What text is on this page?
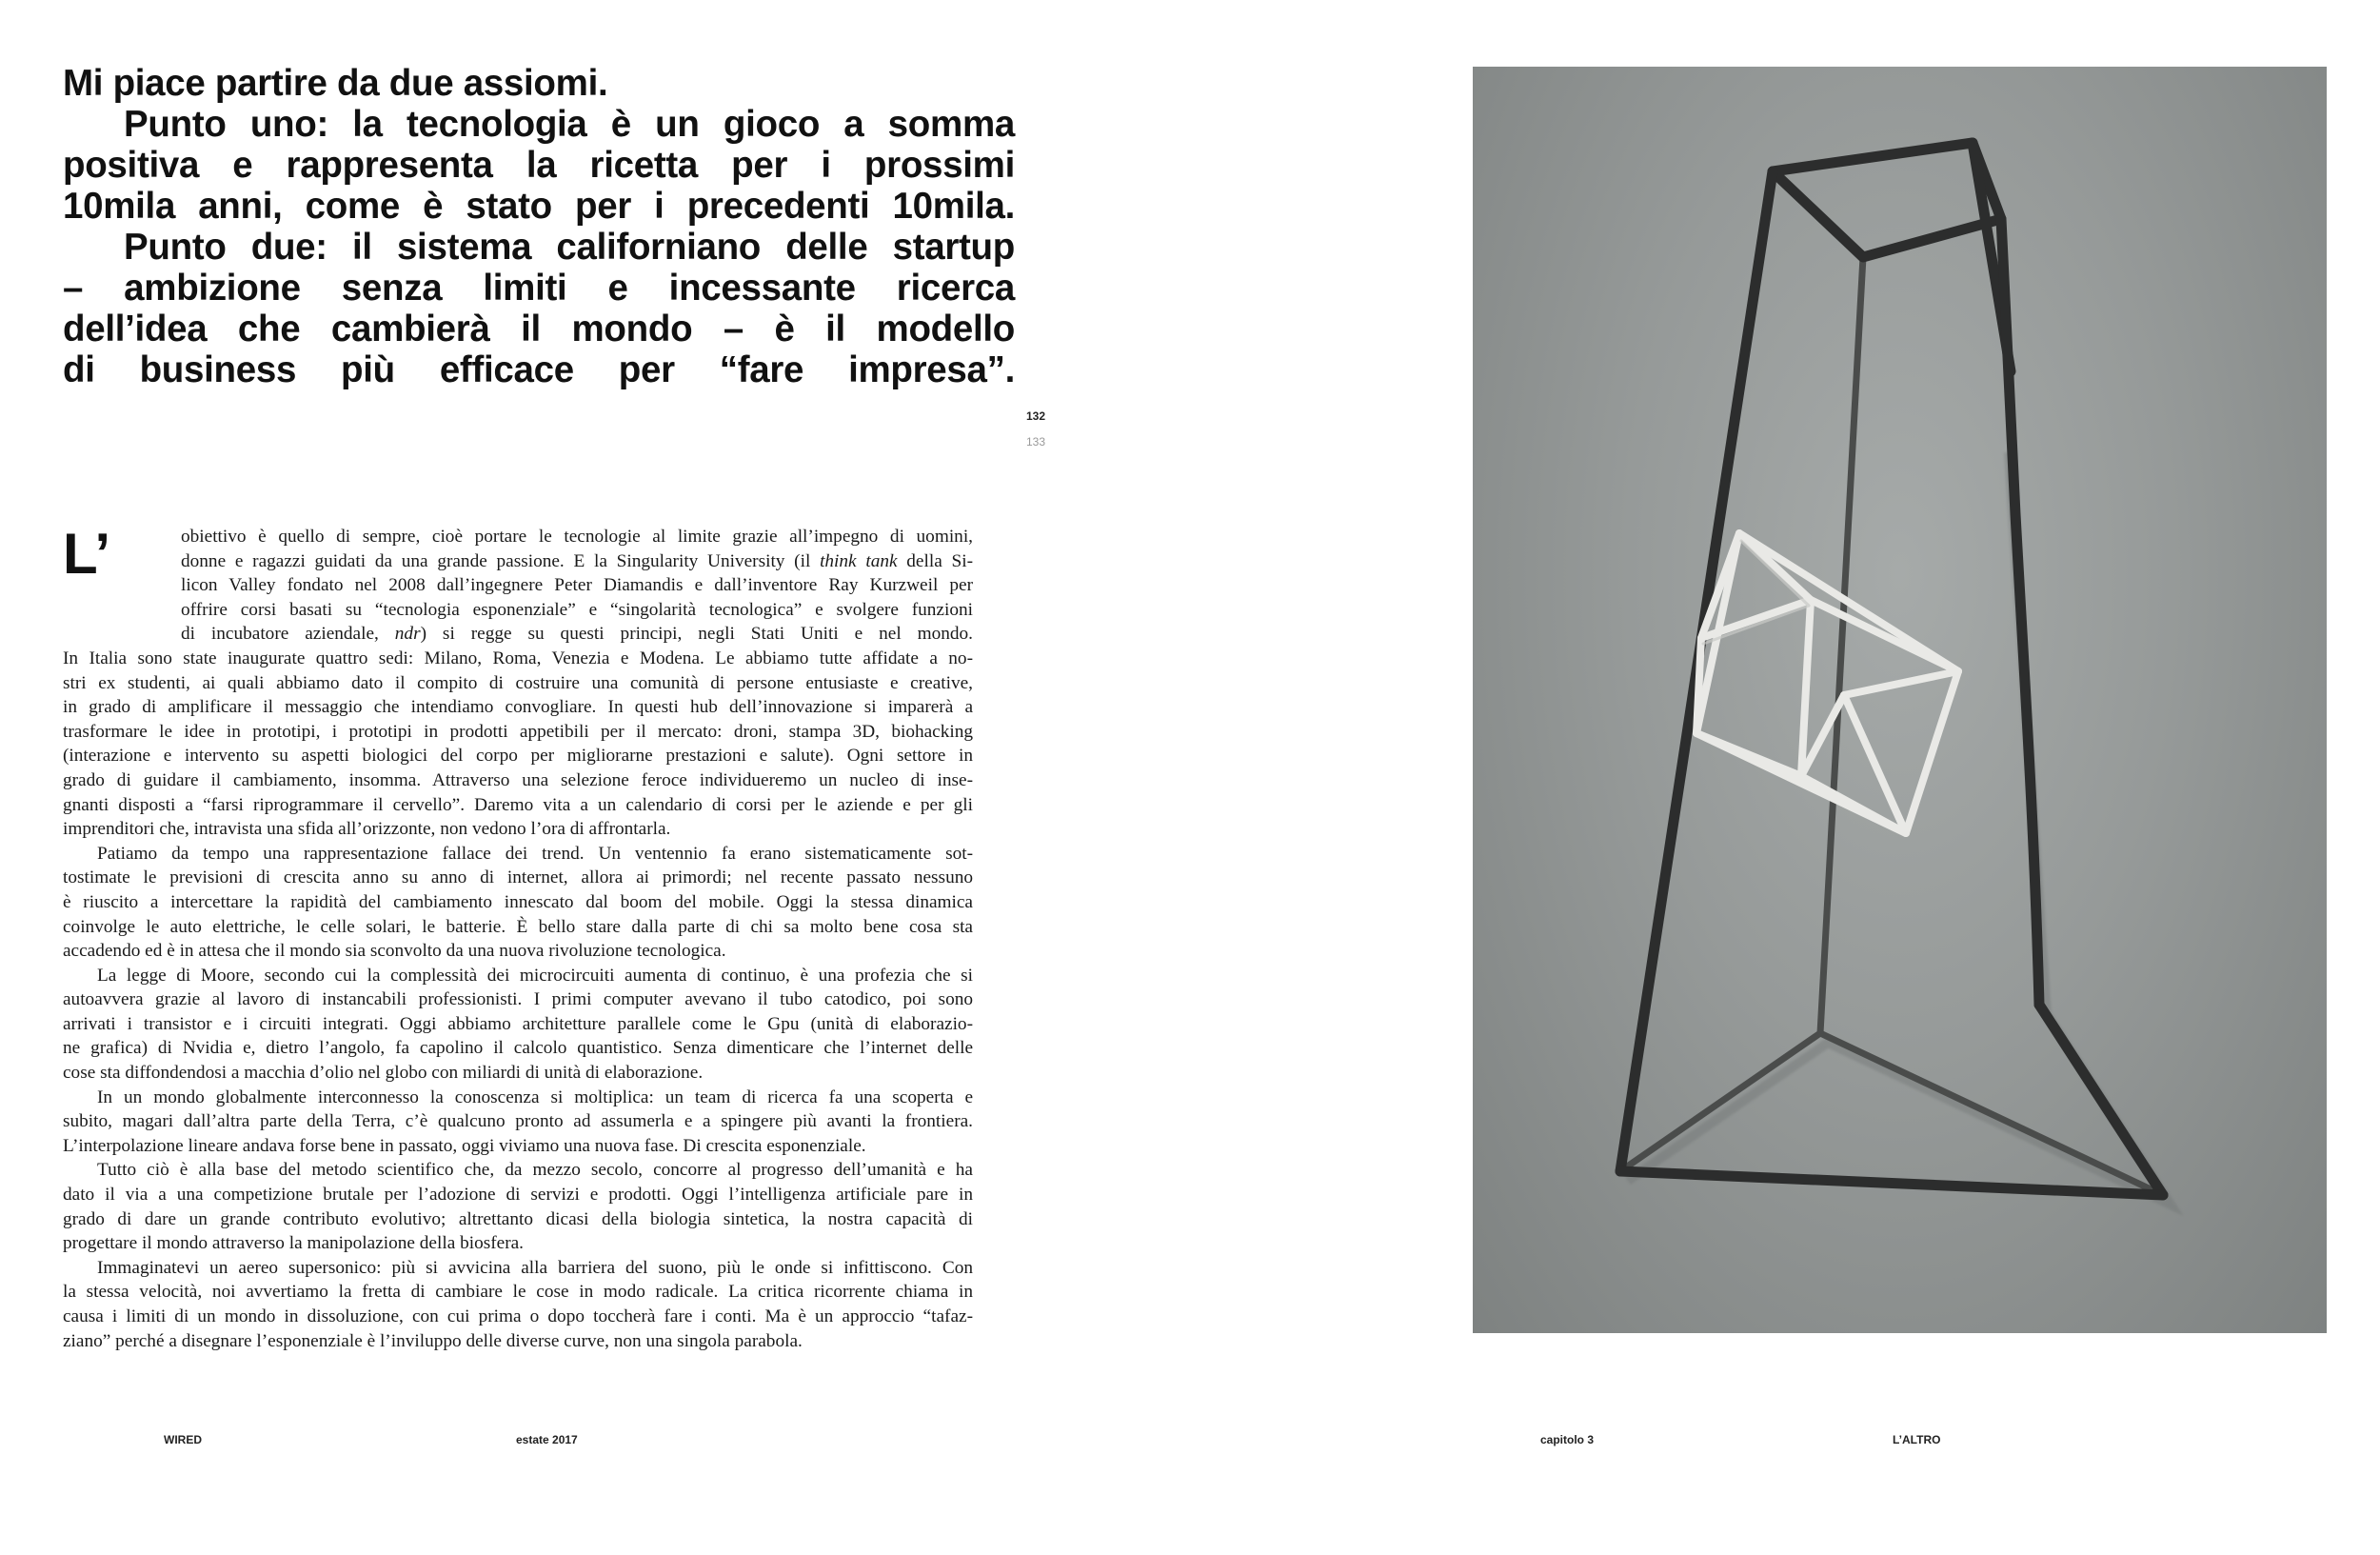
Mi piace partire da due assiomi.
Punto uno: la tecnologia è un gioco a somma
positiva e rappresenta la ricetta per i prossimi
10mila anni, come è stato per i precedenti 10mila.
Punto due: il sistema californiano delle startup
– ambizione senza limiti e incessante ricerca
dell’idea che cambierà il mondo – è il modello
di business più efficace per “fare impresa”.
132
133
L’	obiettivo è quello di sempre, cioè portare le tecnologie al limite grazie all’impegno di uomini,
donne e ragazzi guidati da una grande passione. E la Singularity University (il think tank della Si-
licon Valley fondato nel 2008 dall’ingegnere Peter Diamandis e dall’inventore Ray Kurzweil per
offrire corsi basati su “tecnologia esponenziale” e “singolarità tecnologica” e svolgere funzioni
di incubatore aziendale, ndr) si regge su questi principi, negli Stati Uniti e nel mondo.
In Italia sono state inaugurate quattro sedi: Milano, Roma, Venezia e Modena. Le abbiamo tutte affidate a no-
stri ex studenti, ai quali abbiamo dato il compito di costruire una comunità di persone entusiaste e creative,
in grado di amplificare il messaggio che intendiamo convogliare. In questi hub dell’innovazione si imparerà a
trasformare le idee in prototipi, i prototipi in prodotti appetibili per il mercato: droni, stampa 3D, biohacking
(interazione e intervento su aspetti biologici del corpo per migliorarne prestazioni e salute). Ogni settore in
grado di guidare il cambiamento, insomma. Attraverso una selezione feroce individueremo un nucleo di inse-
gnanti disposti a “farsi riprogrammare il cervello”. Daremo vita a un calendario di corsi per le aziende e per gli
imprenditori che, intravista una sfida all’orizzonte, non vedono l’ora di affrontarla.
Patiamo da tempo una rappresentazione fallace dei trend. Un ventennio fa erano sistematicamente sot-
tostimate le previsioni di crescita anno su anno di internet, allora ai primordi; nel recente passato nessuno
è riuscito a intercettare la rapidità del cambiamento innescato dal boom del mobile. Oggi la stessa dinamica
coinvolge le auto elettriche, le celle solari, le batterie. È bello stare dalla parte di chi sa molto bene cosa sta
accadendo ed è in attesa che il mondo sia sconvolto da una nuova rivoluzione tecnologica.
La legge di Moore, secondo cui la complessità dei microcircuiti aumenta di continuo, è una profezia che si
autoavvera grazie al lavoro di instancabili professionisti. I primi computer avevano il tubo catodico, poi sono
arrivati i transistor e i circuiti integrati. Oggi abbiamo architetture parallele come le Gpu (unità di elaborazio-
ne grafica) di Nvidia e, dietro l’angolo, fa capolino il calcolo quantistico. Senza dimenticare che l’internet delle
cose sta diffondendosi a macchia d’olio nel globo con miliardi di unità di elaborazione.
In un mondo globalmente interconnesso la conoscenza si moltiplica: un team di ricerca fa una scoperta e
subito, magari dall’altra parte della Terra, c’è qualcuno pronto ad assumerla e a spingere più avanti la frontiera.
L’interpolazione lineare andava forse bene in passato, oggi viviamo una nuova fase. Di crescita esponenziale.
Tutto ciò è alla base del metodo scientifico che, da mezzo secolo, concorre al progresso dell’umanità e ha
dato il via a una competizione brutale per l’adozione di servizi e prodotti. Oggi l’intelligenza artificiale pare in
grado di dare un grande contributo evolutivo; altrettanto dicasi della biologia sintetica, la nostra capacità di
progettare il mondo attraverso la manipolazione della biosfera.
Immaginatevi un aereo supersonico: più si avvicina alla barriera del suono, più le onde si infittiscono. Con
la stessa velocità, noi avvertiamo la fretta di cambiare le cose in modo radicale. La critica ricorrente chiama in
causa i limiti di un mondo in dissoluzione, con cui prima o dopo toccherà fare i conti. Ma è un approccio “tafaz-
ziano” perché a disegnare l’esponenziale è l’inviluppo delle diverse curve, non una singola parabola.
WIRED	estate 2017	capitolo 3	L’ALTRO
